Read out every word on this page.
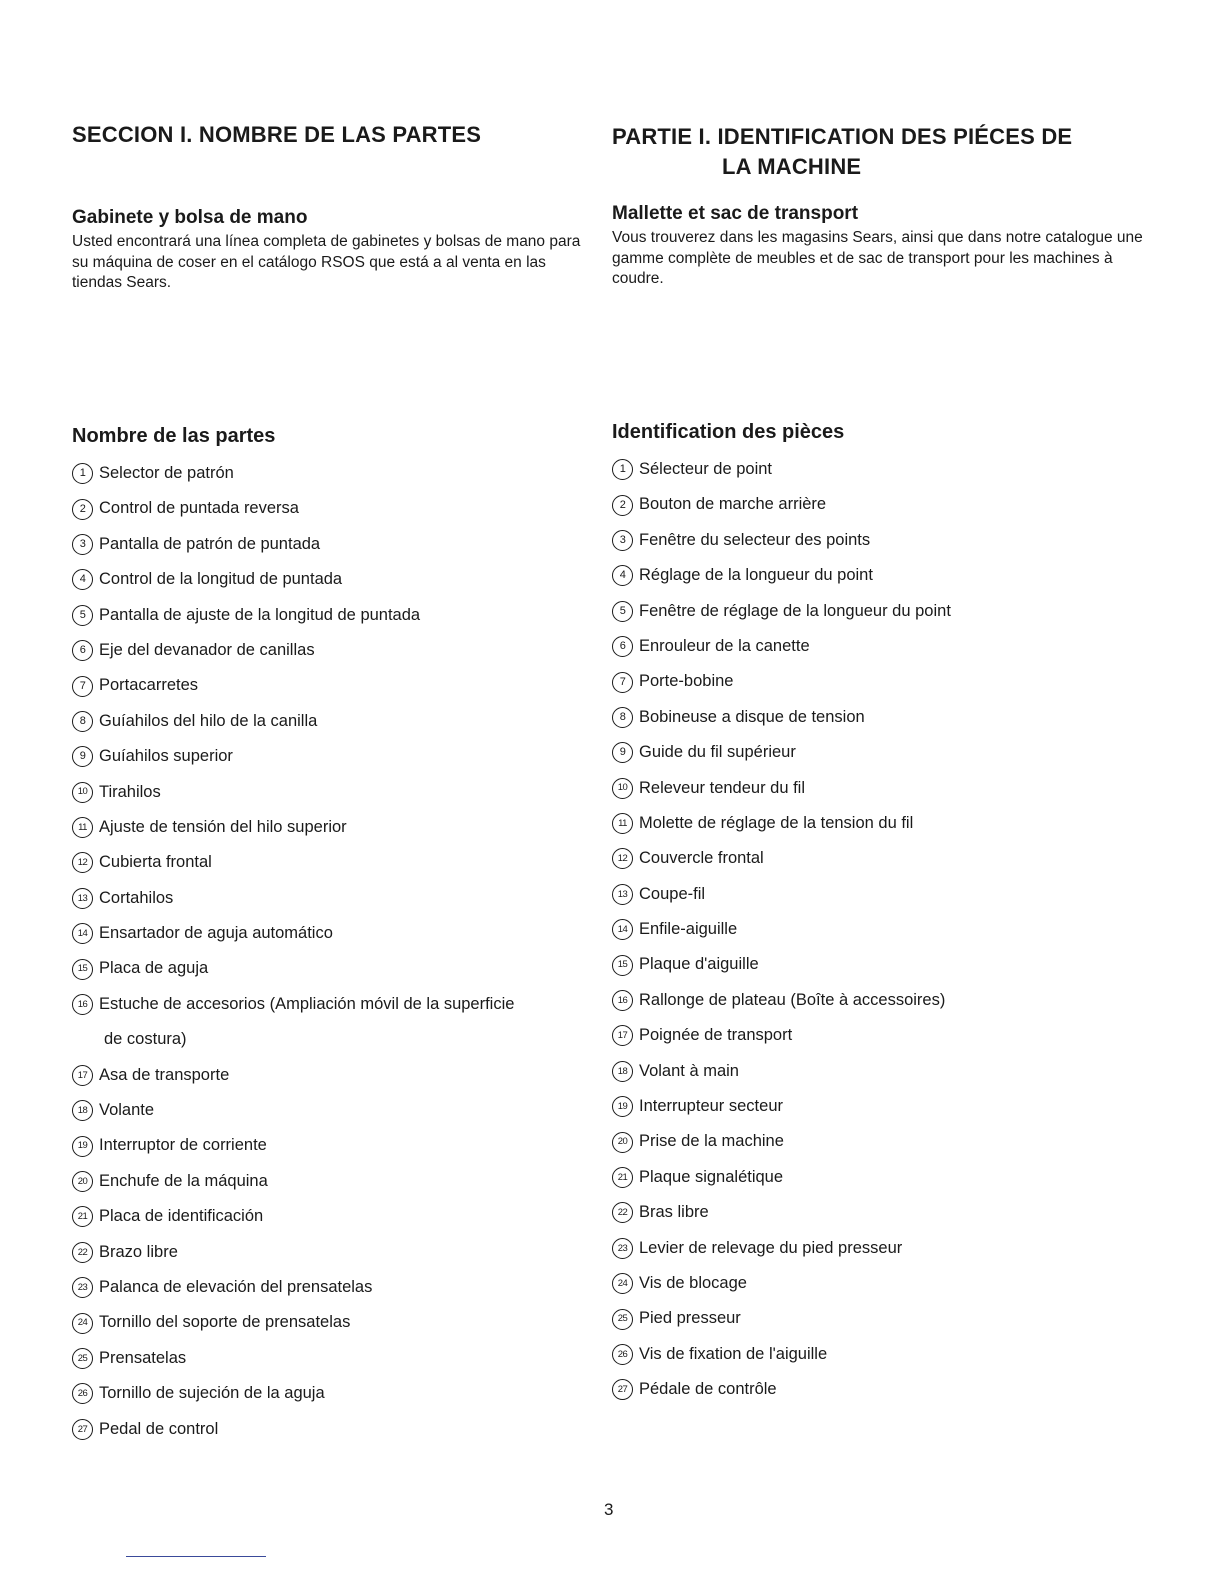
SECCION I. NOMBRE DE LAS PARTES	PARTIE I. IDENTIFICATION DES PIÉCES DE
LA MACHINE
Gabinete y bolsa de mano
Usted encontrará una línea completa de gabinetes y bolsas de mano para su máquina de coser en el catálogo RSOS que está a al venta en las tiendas Sears.
Mallette et sac de transport
Vous trouverez dans les magasins Sears, ainsi que dans notre catalogue une gamme complète de meubles et de sac de transport pour les machines à coudre.
Nombre de las partes
1 Selector de patrón
2 Control de puntada reversa
3 Pantalla de patrón de puntada
4 Control de la longitud de puntada
5 Pantalla de ajuste de la longitud de puntada
6 Eje del devanador de canillas
7 Portacarretes
8 Guíahilos del hilo de la canilla
9 Guíahilos superior
10 Tirahilos
11 Ajuste de tensión del hilo superior
12 Cubierta frontal
13 Cortahilos
14 Ensartador de aguja automático
15 Placa de aguja
16 Estuche de accesorios (Ampliación móvil de la superficie
de costura)
17 Asa de transporte
18 Volante
19 Interruptor de corriente
20 Enchufe de la máquina
21 Placa de identificación
22 Brazo libre
23 Palanca de elevación del prensatelas
24 Tornillo del soporte de prensatelas
25 Prensatelas
26 Tornillo de sujeción de la aguja
27 Pedal de control
Identification des pièces
1 Sélecteur de point
2 Bouton de marche arrière
3 Fenêtre du selecteur des points
4 Réglage de la longueur du point
5 Fenêtre de réglage de la longueur du point
6 Enrouleur de la canette
7 Porte-bobine
8 Bobineuse a disque de tension
9 Guide du fil supérieur
10 Releveur tendeur du fil
11 Molette de réglage de la tension du fil
12 Couvercle frontal
13 Coupe-fil
14 Enfile-aiguille
15 Plaque d'aiguille
16 Rallonge de plateau (Boîte à accessoires)
17 Poignée de transport
18 Volant à main
19 Interrupteur secteur
20 Prise de la machine
21 Plaque signalétique
22 Bras libre
23 Levier de relevage du pied presseur
24 Vis de blocage
25 Pied presseur
26 Vis de fixation de l'aiguille
27 Pédale de contrôle
3
